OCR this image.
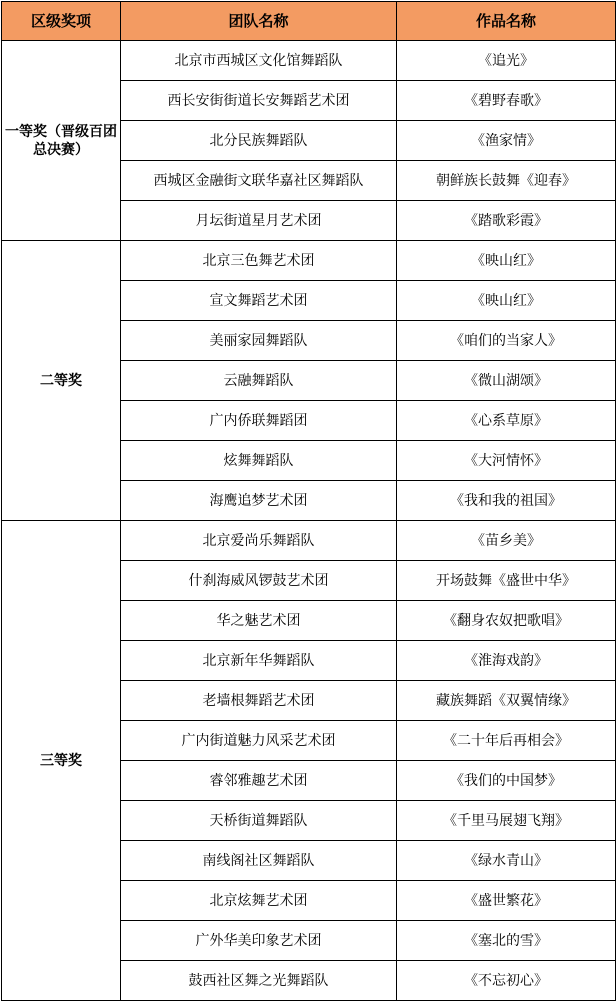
区级奖项	团队名称	作品名称
一等奖（晋级百团总决赛）	北京市西城区文化馆舞蹈队	《追光》
	西长安街街道长安舞蹈艺术团	《碧野春歌》
	北分民族舞蹈队	《渔家情》
	西城区金融街文联华嘉社区舞蹈队	朝鲜族长鼓舞《迎春》
	月坛街道星月艺术团	《踏歌彩霞》
二等奖	北京三色舞艺术团	《映山红》
	宣文舞蹈艺术团	《映山红》
	美丽家园舞蹈队	《咱们的当家人》
	云融舞蹈队	《微山湖颂》
	广内侨联舞蹈团	《心系草原》
	炫舞舞蹈队	《大河情怀》
	海鹰追梦艺术团	《我和我的祖国》
三等奖	北京爱尚乐舞蹈队	《苗乡美》
	什刹海威风锣鼓艺术团	开场鼓舞《盛世中华》
	华之魅艺术团	《翻身农奴把歌唱》
	北京新年华舞蹈队	《淮海戏韵》
	老墙根舞蹈艺术团	藏族舞蹈《双翼情缘》
	广内街道魅力风采艺术团	《二十年后再相会》
	睿邻雅趣艺术团	《我们的中国梦》
	天桥街道舞蹈队	《千里马展翅飞翔》
	南线阁社区舞蹈队	《绿水青山》
	北京炫舞艺术团	《盛世繁花》
	广外华美印象艺术团	《塞北的雪》
	鼓西社区舞之光舞蹈队	《不忘初心》
